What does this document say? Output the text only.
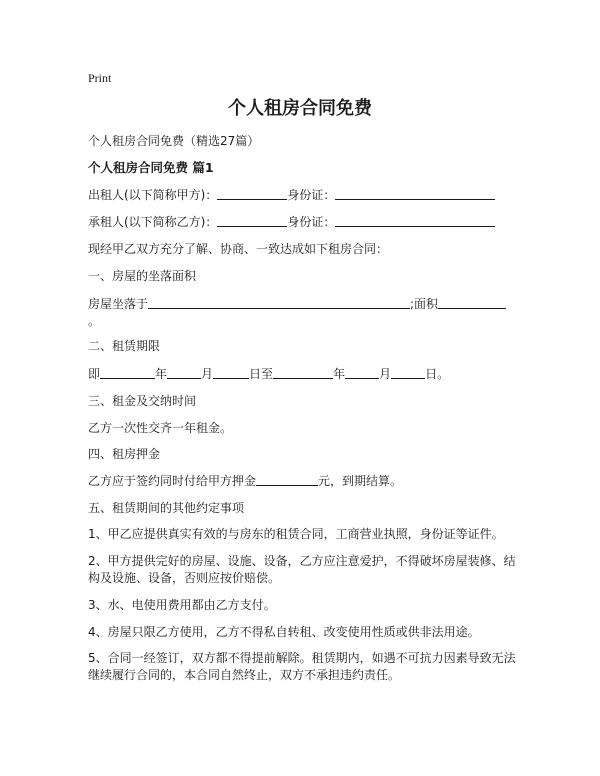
Print
个人租房合同免费
个人租房合同免费（精选27篇）
个人租房合同免费 篇1
出租人(以下简称甲方)：	身份证：
承租人(以下简称乙方)：	身份证：
现经甲乙双方充分了解、协商、一致达成如下租房合同：
一、房屋的坐落面积
房屋坐落于	;面积
。
二、租赁期限
即	年	月	日至	年	月	日。
三、租金及交纳时间
乙方一次性交齐一年租金。
四、租房押金
乙方应于签约同时付给甲方押金	元，到期结算。
五、租赁期间的其他约定事项
1、甲乙应提供真实有效的与房东的租赁合同，工商营业执照，身份证等证件。
2、甲方提供完好的房屋、设施、设备，乙方应注意爱护，不得破坏房屋装修、结
构及设施、设备，否则应按价赔偿。
3、水、电使用费用都由乙方支付。
4、房屋只限乙方使用，乙方不得私自转租、改变使用性质或供非法用途。
5、合同一经签订，双方都不得提前解除。租赁期内，如遇不可抗力因素导致无法
继续履行合同的，本合同自然终止，双方不承担违约责任。
